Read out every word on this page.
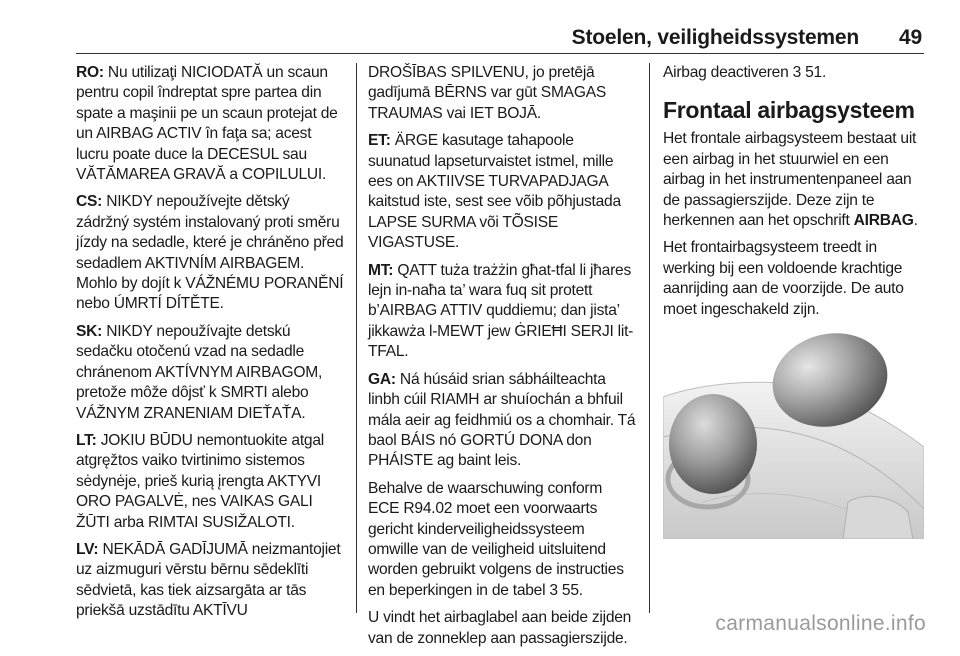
Stoelen, veiligheidssystemen 49

RO: Nu utilizaţi NICIODATĂ un scaun pentru copil îndreptat spre partea din spate a maşinii pe un scaun protejat de un AIRBAG ACTIV în faţa sa; acest lucru poate duce la DECESUL sau VĂTĂMAREA GRAVĂ a COPILULUI.

CS: NIKDY nepoužívejte dětský zádržný systém instalovaný proti směru jízdy na sedadle, které je chráněno před sedadlem AKTIVNÍM AIRBAGEM. Mohlo by dojít k VÁŽNÉMU PORANĚNÍ nebo ÚMRTÍ DÍTĚTE.

SK: NIKDY nepoužívajte detskú sedačku otočenú vzad na sedadle chránenom AKTÍVNYM AIRBAGOM, pretože môže dôjsť k SMRTI alebo VÁŽNYM ZRANENIAM DIEŤAŤA.

LT: JOKIU BŪDU nemontuokite atgal atgręžtos vaiko tvirtinimo sistemos sėdynėje, prieš kurią įrengta AKTYVI ORO PAGALVĖ, nes VAIKAS GALI ŽŪTI arba RIMTAI SUSIŽALOTI.

LV: NEKĀDĀ GADĪJUMĀ neizmantojiet uz aizmuguri vērstu bērnu sēdeklīti sēdvietā, kas tiek aizsargāta ar tās priekšā uzstādītu AKTĪVU

DROŠĪBAS SPILVENU, jo pretējā gadījumā BĒRNS var gūt SMAGAS TRAUMAS vai IET BOJĀ.

ET: ÄRGE kasutage tahapoole suunatud lapseturvaistet istmel, mille ees on AKTIIVSE TURVAPADJAGA kaitstud iste, sest see võib põhjustada LAPSE SURMA või TÕSISE VIGASTUSE.

MT: QATT tuża trażżin għat-tfal li jħares lejn in-naħa ta’ wara fuq sit protett b’AIRBAG ATTIV quddiemu; dan jista’ jikkawża l-MEWT jew ĠRIEĦI SERJI lit-TFAL.

GA: Ná húsáid srian sábháilteachta linbh cúil RIAMH ar shuíochán a bhfuil mála aeir ag feidhmiú os a chomhair. Tá baol BÁIS nó GORTÚ DONA don PHÁISTE ag baint leis.

Behalve de waarschuwing conform ECE R94.02 moet een voorwaarts gericht kinderveiligheidssysteem omwille van de veiligheid uitsluitend worden gebruikt volgens de instructies en beperkingen in de tabel 3 55.

U vindt het airbaglabel aan beide zijden van de zonneklep aan passagierszijde.

Airbag deactiveren 3 51.

Frontaal airbagsysteem

Het frontale airbagsysteem bestaat uit een airbag in het stuurwiel en een airbag in het instrumentenpaneel aan de passagierszijde. Deze zijn te herkennen aan het opschrift AIRBAG.

Het frontairbagsysteem treedt in werking bij een voldoende krachtige aanrijding aan de voorzijde. De auto moet ingeschakeld zijn.

carmanualsonline.info
